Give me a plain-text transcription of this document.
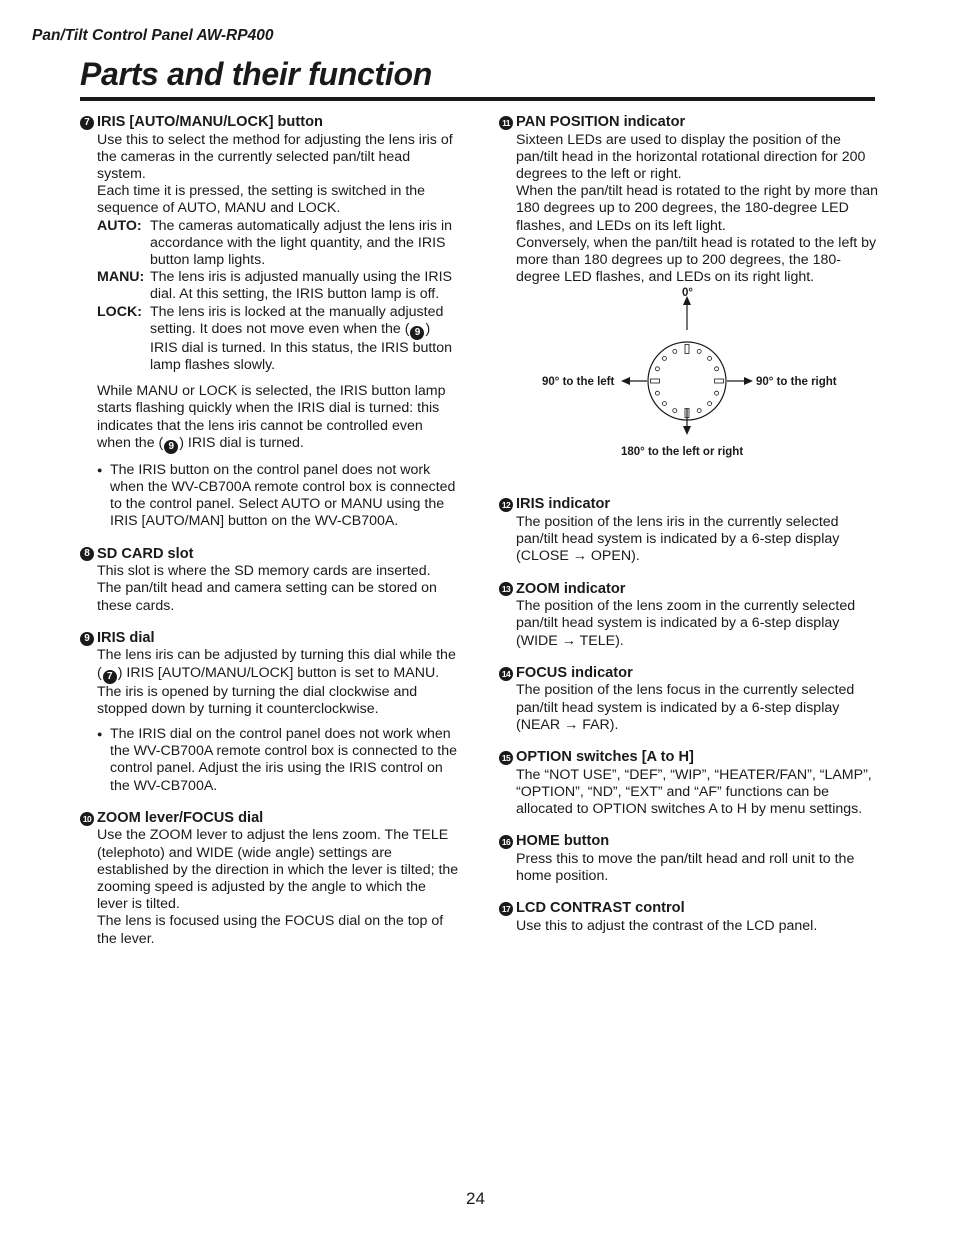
Pan/Tilt Control Panel AW-RP400
Parts and their function
7 IRIS [AUTO/MANU/LOCK] button

Use this to select the method for adjusting the lens iris of the cameras in the currently selected pan/tilt head system.

Each time it is pressed, the setting is switched in the sequence of AUTO, MANU and LOCK.

AUTO: The cameras automatically adjust the lens iris in accordance with the light quantity, and the IRIS button lamp lights.
MANU: The lens iris is adjusted manually using the IRIS dial. At this setting, the IRIS button lamp is off.
LOCK: The lens iris is locked at the manually adjusted setting. It does not move even when the ( 9 ) IRIS dial is turned. In this status, the IRIS button lamp flashes slowly.

While MANU or LOCK is selected, the IRIS button lamp starts flashing quickly when the IRIS dial is turned: this indicates that the lens iris cannot be controlled even when the ( 9 ) IRIS dial is turned.

● The IRIS button on the control panel does not work when the WV-CB700A remote control box is connected to the control panel. Select AUTO or MANU using the IRIS [AUTO/MAN] button on the WV-CB700A.
8 SD CARD slot

This slot is where the SD memory cards are inserted.

The pan/tilt head and camera setting can be stored on these cards.

9 IRIS dial

The lens iris can be adjusted by turning this dial while the ( 7 ) IRIS [AUTO/MANU/LOCK] button is set to MANU.

The iris is opened by turning the dial clockwise and stopped down by turning it counterclockwise.

● The IRIS dial on the control panel does not work when the WV-CB700A remote control box is connected to the control panel. Adjust the iris using the IRIS control on the WV-CB700A.
10 ZOOM lever/FOCUS dial

Use the ZOOM lever to adjust the lens zoom. The TELE (telephoto) and WIDE (wide angle) settings are established by the direction in which the lever is tilted; the zooming speed is adjusted by the angle to which the lever is tilted.

The lens is focused using the FOCUS dial on the top of the lever.

11 PAN POSITION indicator

Sixteen LEDs are used to display the position of the pan/tilt head in the horizontal rotational direction for 200 degrees to the left or right.

When the pan/tilt head is rotated to the right by more than 180 degrees up to 200 degrees, the 180-degree LED flashes, and LEDs on its left light.

Conversely, when the pan/tilt head is rotated to the left by more than 180 degrees up to 200 degrees, the 180-degree LED flashes, and LEDs on its right light.

0°
90° to the left	90° to the right
180° to the left or right
12 IRIS indicator

The position of the lens iris in the currently selected pan/tilt head system is indicated by a 6-step display (CLOSE → OPEN).

13 ZOOM indicator

The position of the lens zoom in the currently selected pan/tilt head system is indicated by a 6-step display (WIDE → TELE).

14 FOCUS indicator

The position of the lens focus in the currently selected pan/tilt head system is indicated by a 6-step display (NEAR → FAR).

15 OPTION switches [A to H]

The “NOT USE”, “DEF”, “WIP”, “HEATER/FAN”, “LAMP”, “OPTION”, “ND”, “EXT” and “AF” functions can be allocated to OPTION switches A to H by menu settings.

16 HOME button

Press this to move the pan/tilt head and roll unit to the home position.

17 LCD CONTRAST control

Use this to adjust the contrast of the LCD panel.

24
